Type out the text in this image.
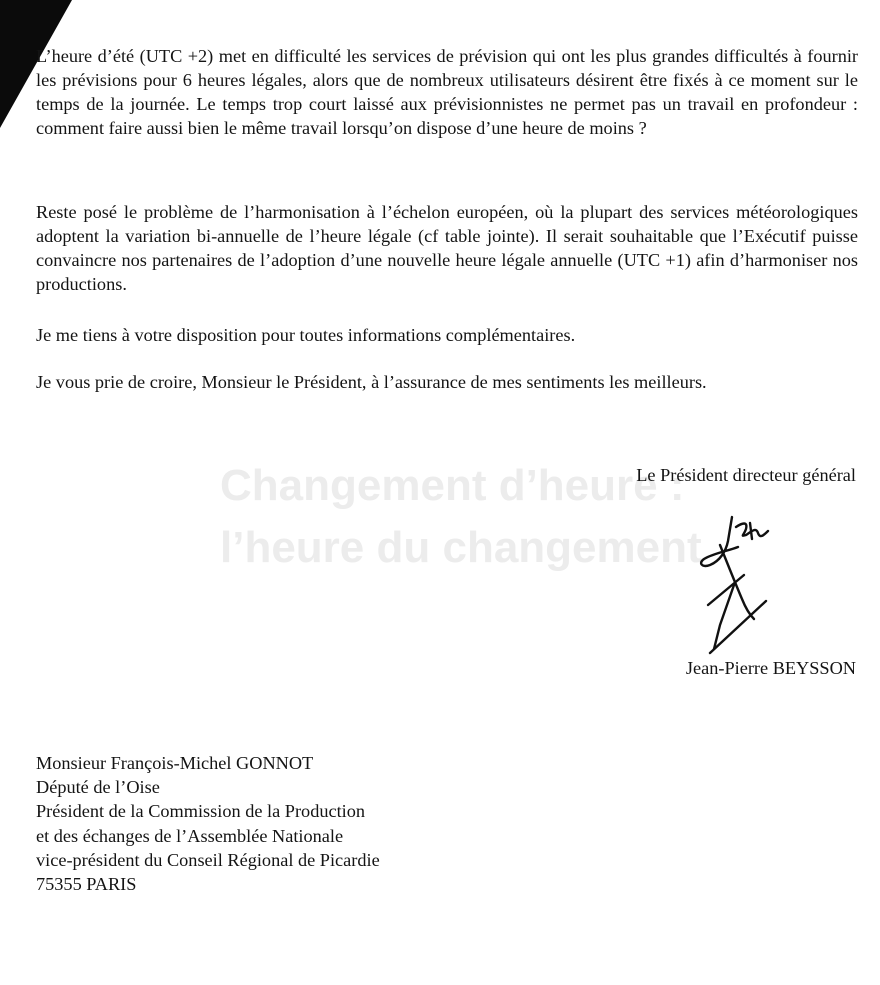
Changement d’heure :
l’heure du changement

L’heure d’été (UTC +2) met en difficulté les services de prévision qui ont les plus grandes difficultés à fournir les prévisions pour 6 heures légales, alors que de nombreux utilisateurs désirent être fixés à ce moment sur le temps de la journée. Le temps trop court laissé aux prévisionnistes ne permet pas un travail en profondeur : comment faire aussi bien le même travail lorsqu’on dispose d’une heure de moins ?

Reste posé le problème de l’harmonisation à l’échelon européen, où la plupart des services météorologiques adoptent la variation bi-annuelle de l’heure légale (cf table jointe). Il serait souhaitable que l’Exécutif puisse convaincre nos partenaires de l’adoption d’une nouvelle heure légale annuelle (UTC +1) afin d’harmoniser nos productions.

Je me tiens à votre disposition pour toutes informations complémentaires.

Je vous prie de croire, Monsieur le Président, à l’assurance de mes sentiments les meilleurs.

Le Président directeur général
Jean-Pierre BEYSSON
Monsieur François-Michel GONNOT
Député de l’Oise
Président de la Commission de la Production
et des échanges de l’Assemblée Nationale
vice-président du Conseil Régional de Picardie
75355 PARIS
